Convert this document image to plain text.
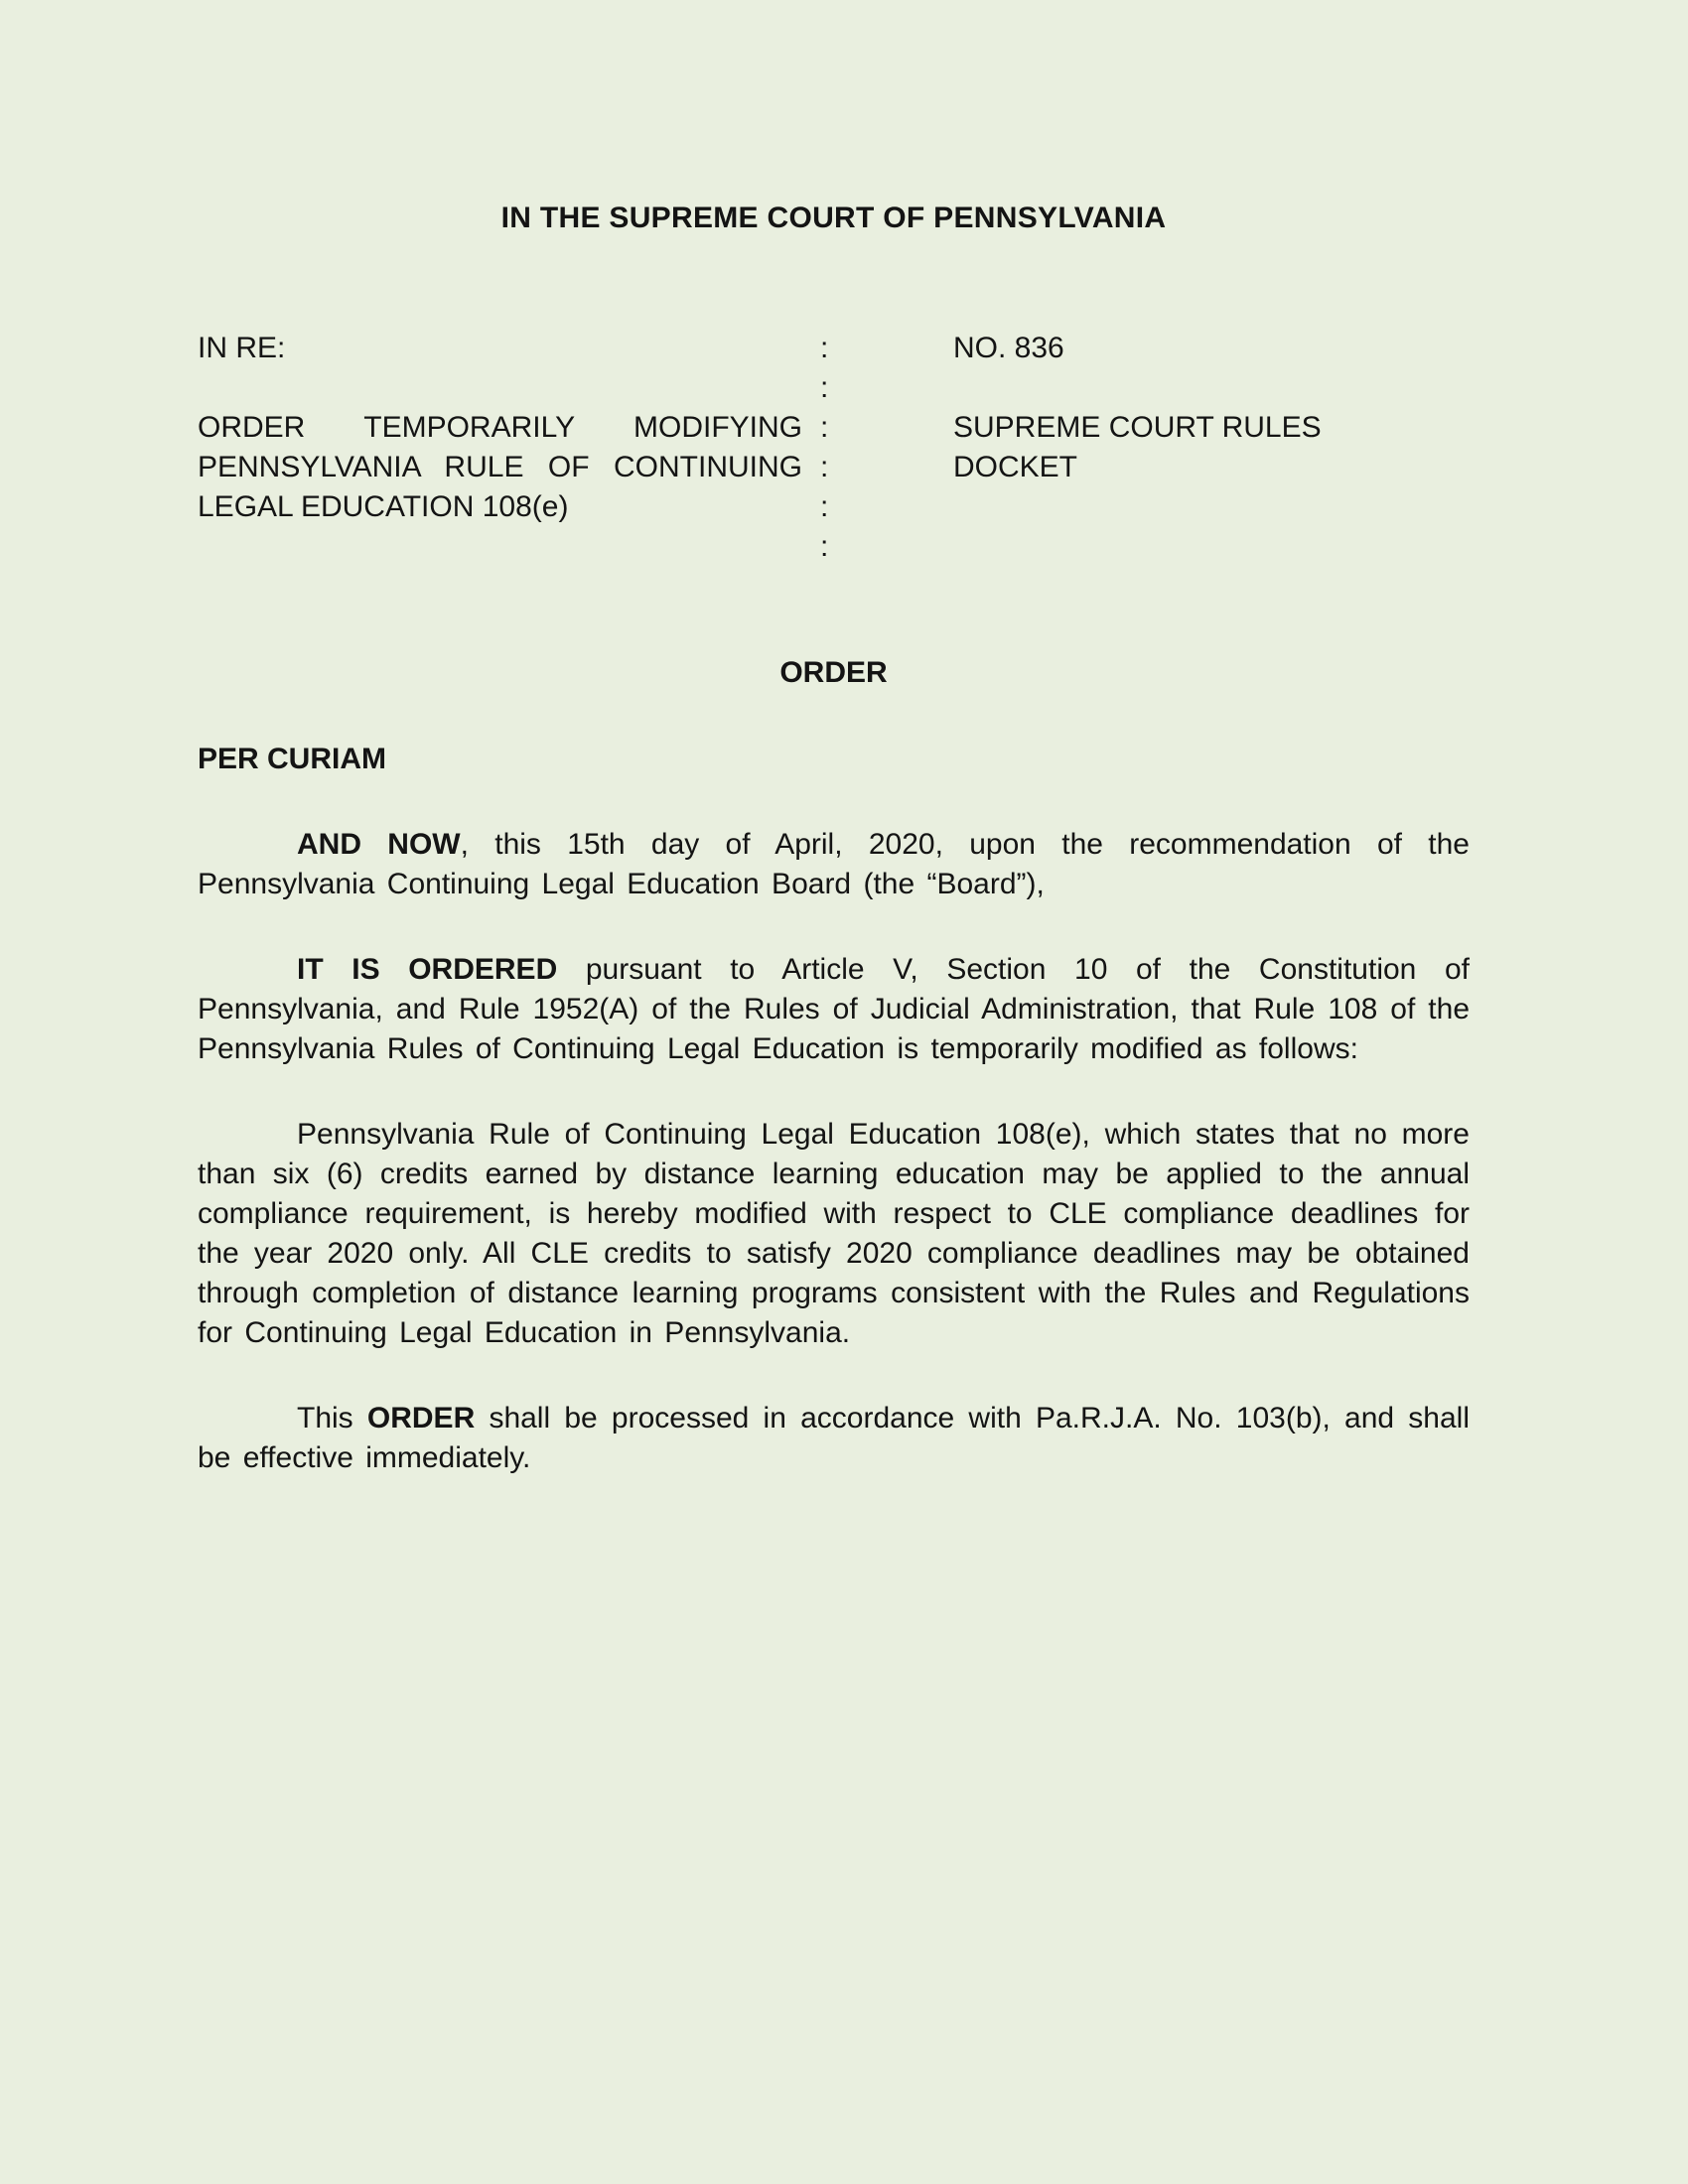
IN THE SUPREME COURT OF PENNSYLVANIA
IN RE:	:	NO. 836
:
ORDER TEMPORARILY MODIFYING :	SUPREME COURT RULES
PENNSYLVANIA RULE OF CONTINUING :	DOCKET
LEGAL EDUCATION 108(e)	:
:
ORDER
PER CURIAM

AND NOW, this 15th day of April, 2020, upon the recommendation of the Pennsylvania Continuing Legal Education Board (the “Board”),

IT IS ORDERED pursuant to Article V, Section 10 of the Constitution of Pennsylvania, and Rule 1952(A) of the Rules of Judicial Administration, that Rule 108 of the Pennsylvania Rules of Continuing Legal Education is temporarily modified as follows:

Pennsylvania Rule of Continuing Legal Education 108(e), which states that no more than six (6) credits earned by distance learning education may be applied to the annual compliance requirement, is hereby modified with respect to CLE compliance deadlines for the year 2020 only. All CLE credits to satisfy 2020 compliance deadlines may be obtained through completion of distance learning programs consistent with the Rules and Regulations for Continuing Legal Education in Pennsylvania.

This ORDER shall be processed in accordance with Pa.R.J.A. No. 103(b), and shall be effective immediately.
